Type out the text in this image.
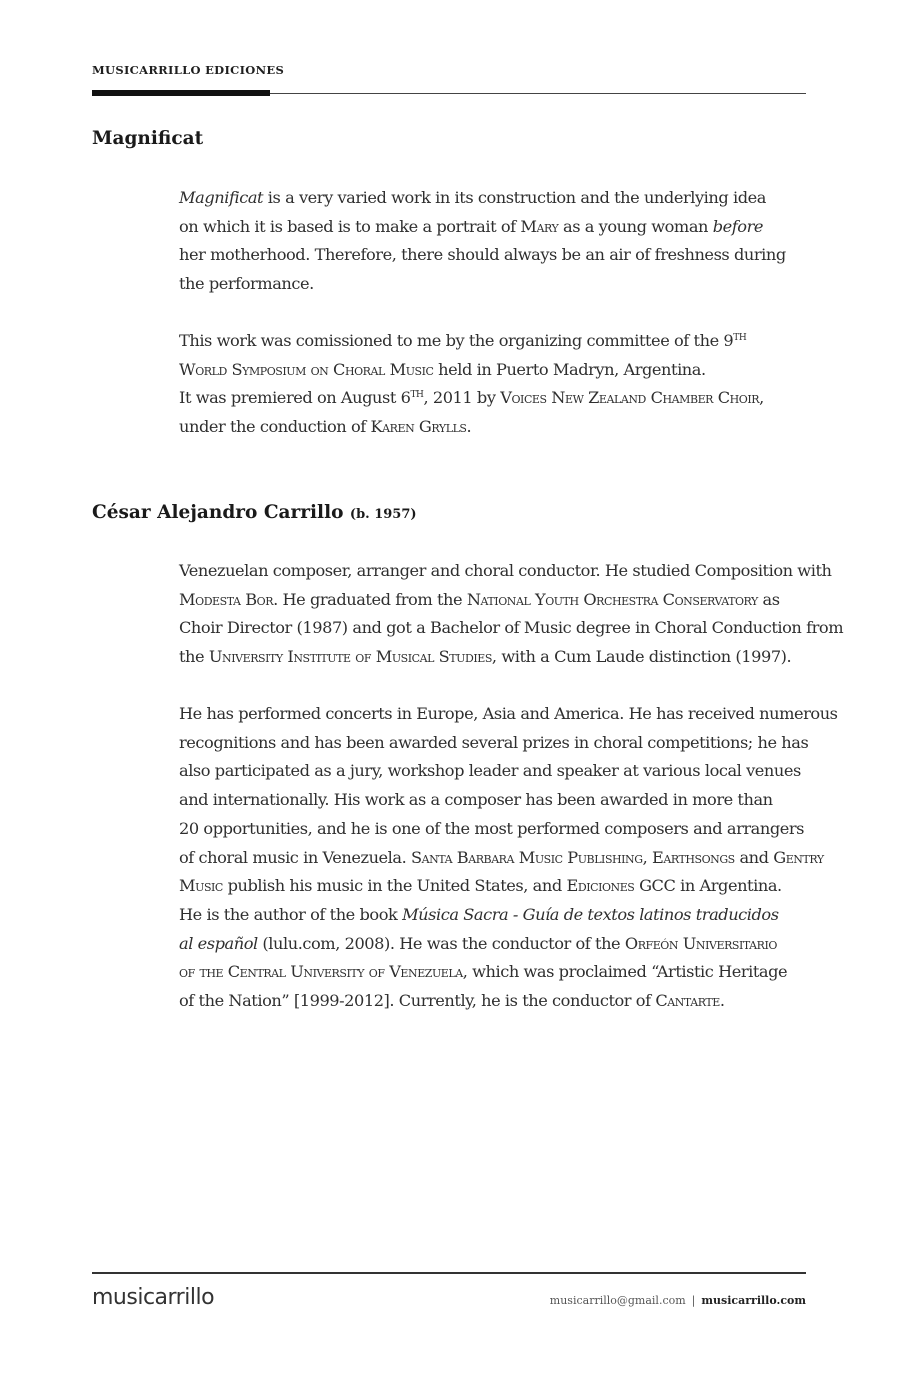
MUSICARRILLO EDICIONES
Magnificat

Magnificat is a very varied work in its construction and the underlying idea

on which it is based is to make a portrait of Mary as a young woman before

her motherhood. Therefore, there should always be an air of freshness during

the performance.

This work was comissioned to me by the organizing committee of the 9TH

World Symposium on Choral Music held in Puerto Madryn, Argentina.

It was premiered on August 6TH, 2011 by Voices New Zealand Chamber Choir,

under the conduction of Karen Grylls.

César Alejandro Carrillo (b. 1957)

Venezuelan composer, arranger and choral conductor. He studied Composition with

Modesta Bor. He graduated from the National Youth Orchestra Conservatory as

Choir Director (1987) and got a Bachelor of Music degree in Choral Conduction from

the University Institute of Musical Studies, with a Cum Laude distinction (1997).

He has performed concerts in Europe, Asia and America. He has received numerous

recognitions and has been awarded several prizes in choral competitions; he has

also participated as a jury, workshop leader and speaker at various local venues

and internationally. His work as a composer has been awarded in more than

20 opportunities, and he is one of the most performed composers and arrangers

of choral music in Venezuela. Santa Barbara Music Publishing, Earthsongs and Gentry

Music publish his music in the United States, and Ediciones GCC in Argentina.

He is the author of the book Música Sacra - Guía de textos latinos traducidos

al español (lulu.com, 2008). He was the conductor of the Orfeón Universitario

of the Central University of Venezuela, which was proclaimed “Artistic Heritage

of the Nation” [1999-2012]. Currently, he is the conductor of Cantarte.

musicarrillo	musicarrillo@gmail.com | musicarrillo.com
